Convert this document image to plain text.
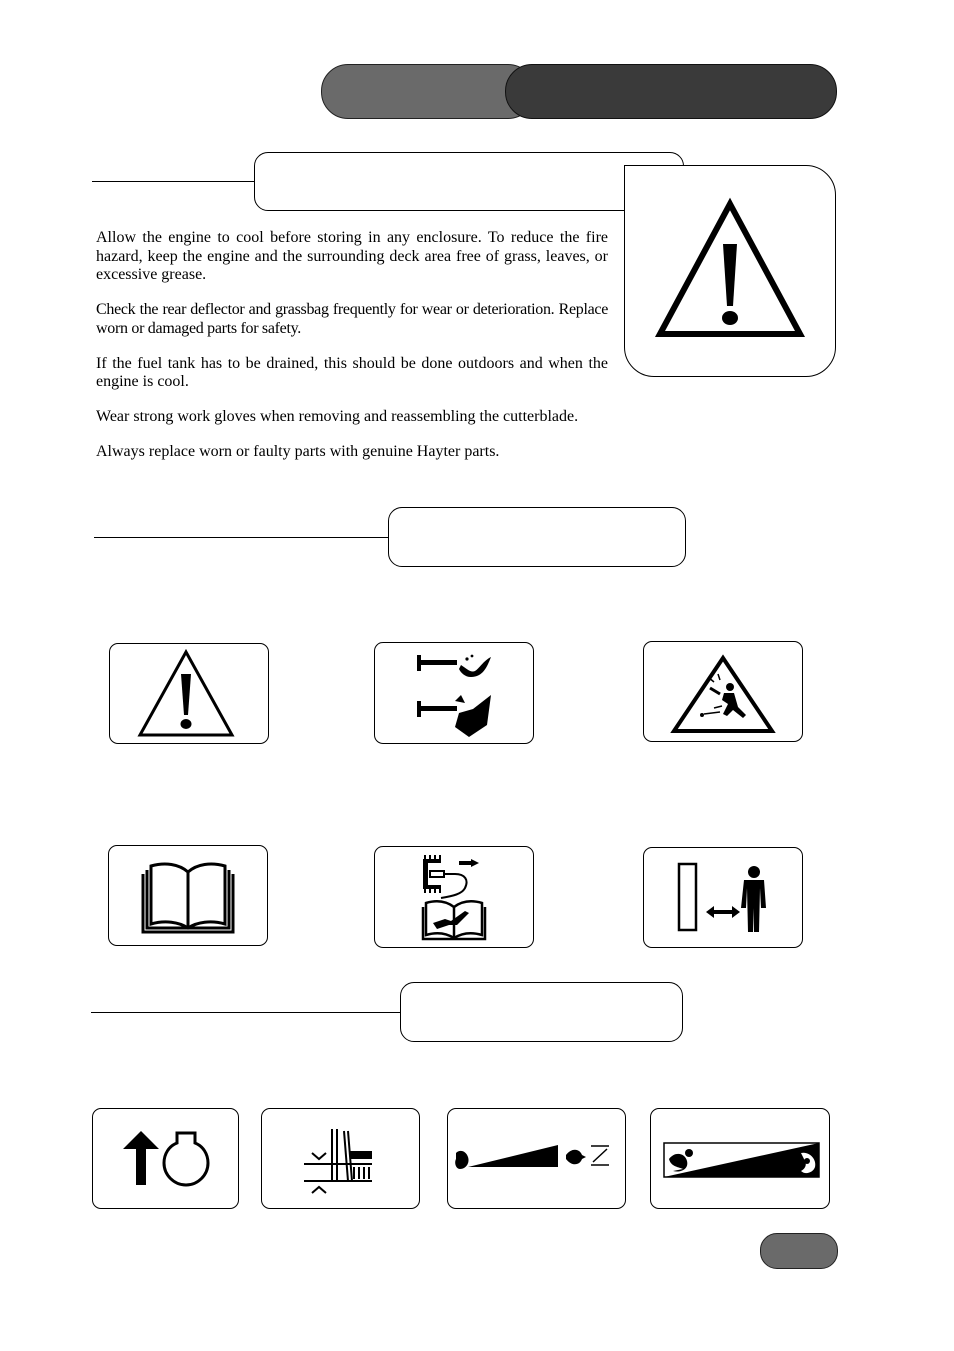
Allow the engine to cool before storing in any enclosure. To reduce the fire hazard, keep the engine and the surrounding deck area free of grass, leaves, or excessive grease.

Check the rear deflector and grassbag frequently for wear or deterioration. Replace worn or damaged parts for safety.

If the fuel tank has to be drained, this should be done outdoors and when the engine is cool.

Wear strong work gloves when removing and reassembling the cutterblade.

Always replace worn or faulty parts with genuine Hayter parts.
